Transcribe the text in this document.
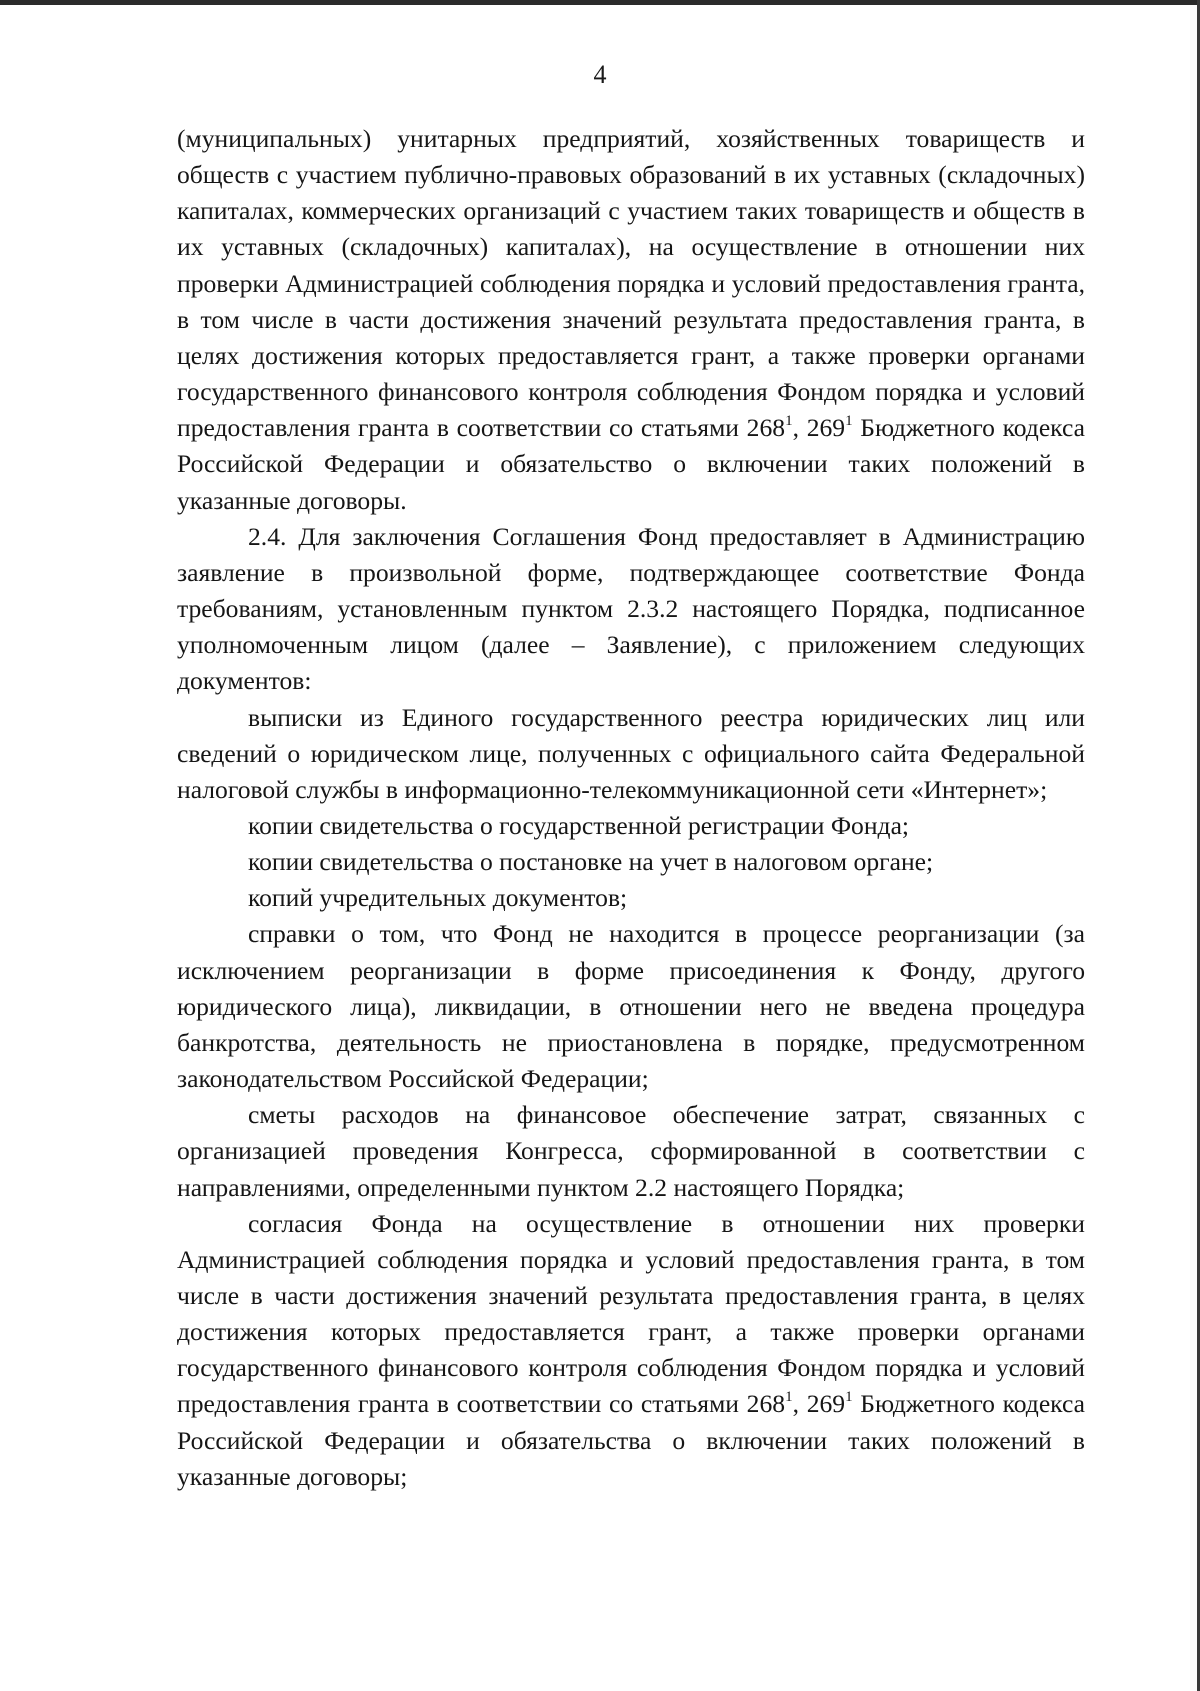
4

(муниципальных) унитарных предприятий, хозяйственных товариществ и обществ с участием публично-правовых образований в их уставных (складочных) капиталах, коммерческих организаций с участием таких товариществ и обществ в их уставных (складочных) капиталах), на осуществление в отношении них проверки Администрацией соблюдения порядка и условий предоставления гранта, в том числе в части достижения значений результата предоставления гранта, в целях достижения которых предоставляется грант, а также проверки органами государственного финансового контроля соблюдения Фондом порядка и условий предоставления гранта в соответствии со статьями $268^1$, $269^1$ Бюджетного кодекса Российской Федерации и обязательство о включении таких положений в указанные договоры.

2.4. Для заключения Соглашения Фонд предоставляет в Администрацию заявление в произвольной форме, подтверждающее соответствие Фонда требованиям, установленным пунктом 2.3.2 настоящего Порядка, подписанное уполномоченным лицом (далее – Заявление), с приложением следующих документов:

выписки из Единого государственного реестра юридических лиц или сведений о юридическом лице, полученных с официального сайта Федеральной налоговой службы в информационно-телекоммуникационной сети «Интернет»;

копии свидетельства о государственной регистрации Фонда;

копии свидетельства о постановке на учет в налоговом органе;

копий учредительных документов;

справки о том, что Фонд не находится в процессе реорганизации (за исключением реорганизации в форме присоединения к Фонду, другого юридического лица), ликвидации, в отношении него не введена процедура банкротства, деятельность не приостановлена в порядке, предусмотренном законодательством Российской Федерации;

сметы расходов на финансовое обеспечение затрат, связанных с организацией проведения Конгресса, сформированной в соответствии с направлениями, определенными пунктом 2.2 настоящего Порядка;

согласия Фонда на осуществление в отношении них проверки Администрацией соблюдения порядка и условий предоставления гранта, в том числе в части достижения значений результата предоставления гранта, в целях достижения которых предоставляется грант, а также проверки органами государственного финансового контроля соблюдения Фондом порядка и условий предоставления гранта в соответствии со статьями $268^1$, $269^1$ Бюджетного кодекса Российской Федерации и обязательства о включении таких положений в указанные договоры;
